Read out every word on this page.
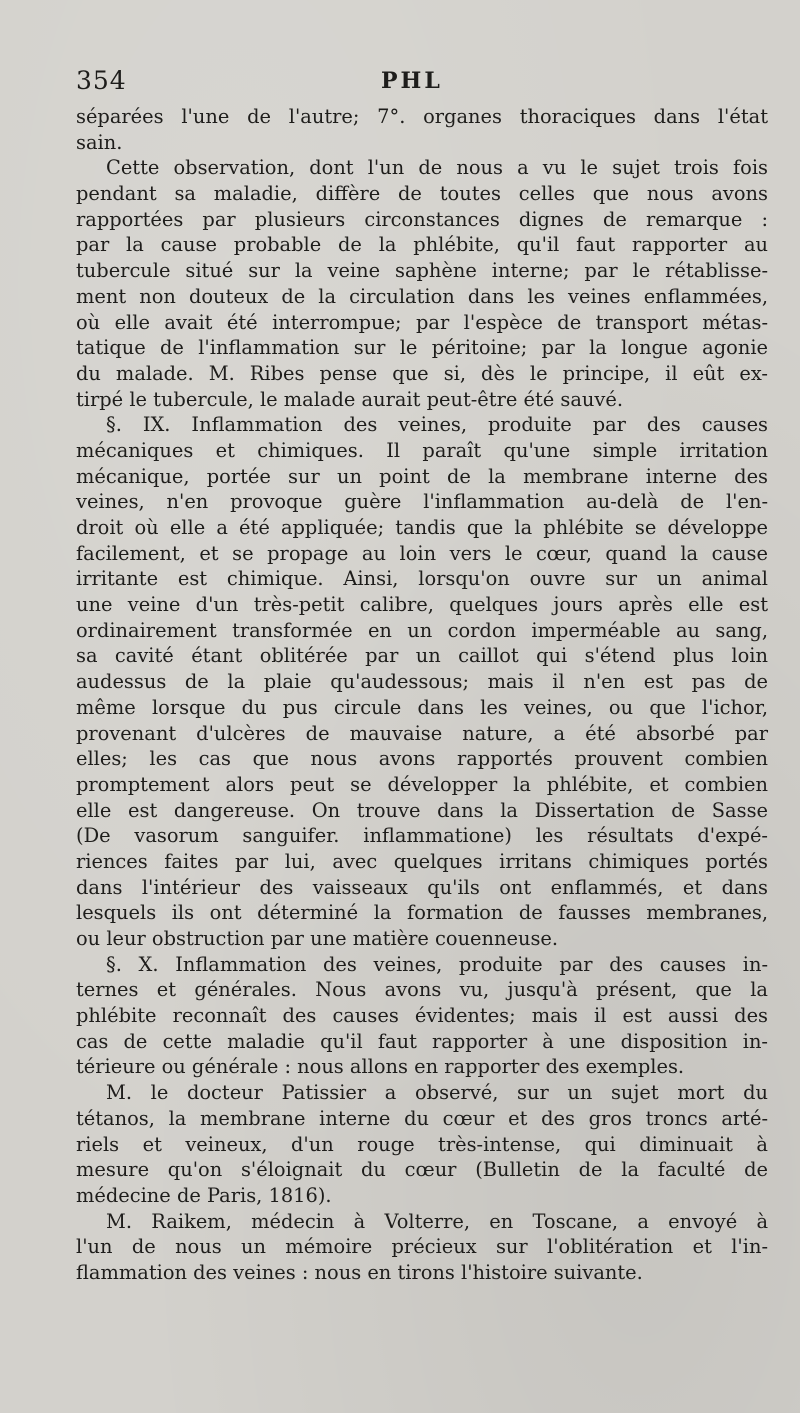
354	PHL
séparées l'une de l'autre; 7°. organes thoraciques dans l'état
sain.
Cette observation, dont l'un de nous a vu le sujet trois fois
pendant sa maladie, diffère de toutes celles que nous avons
rapportées par plusieurs circonstances dignes de remarque :
par la cause probable de la phlébite, qu'il faut rapporter au
tubercule situé sur la veine saphène interne; par le rétablisse-
ment non douteux de la circulation dans les veines enflammées,
où elle avait été interrompue; par l'espèce de transport métas-
tatique de l'inflammation sur le péritoine; par la longue agonie
du malade. M. Ribes pense que si, dès le principe, il eût ex-
tirpé le tubercule, le malade aurait peut-être été sauvé.
§. IX. Inflammation des veines, produite par des causes
mécaniques et chimiques. Il paraît qu'une simple irritation
mécanique, portée sur un point de la membrane interne des
veines, n'en provoque guère l'inflammation au-delà de l'en-
droit où elle a été appliquée; tandis que la phlébite se développe
facilement, et se propage au loin vers le cœur, quand la cause
irritante est chimique. Ainsi, lorsqu'on ouvre sur un animal
une veine d'un très-petit calibre, quelques jours après elle est
ordinairement transformée en un cordon imperméable au sang,
sa cavité étant oblitérée par un caillot qui s'étend plus loin
audessus de la plaie qu'audessous; mais il n'en est pas de
même lorsque du pus circule dans les veines, ou que l'ichor,
provenant d'ulcères de mauvaise nature, a été absorbé par
elles; les cas que nous avons rapportés prouvent combien
promptement alors peut se développer la phlébite, et combien
elle est dangereuse. On trouve dans la Dissertation de Sasse
(De vasorum sanguifer. inflammatione) les résultats d'expé-
riences faites par lui, avec quelques irritans chimiques portés
dans l'intérieur des vaisseaux qu'ils ont enflammés, et dans
lesquels ils ont déterminé la formation de fausses membranes,
ou leur obstruction par une matière couenneuse.
§. X. Inflammation des veines, produite par des causes in-
ternes et générales. Nous avons vu, jusqu'à présent, que la
phlébite reconnaît des causes évidentes; mais il est aussi des
cas de cette maladie qu'il faut rapporter à une disposition in-
térieure ou générale : nous allons en rapporter des exemples.
M. le docteur Patissier a observé, sur un sujet mort du
tétanos, la membrane interne du cœur et des gros troncs arté-
riels et veineux, d'un rouge très-intense, qui diminuait à
mesure qu'on s'éloignait du cœur (Bulletin de la faculté de
médecine de Paris, 1816).
M. Raikem, médecin à Volterre, en Toscane, a envoyé à
l'un de nous un mémoire précieux sur l'oblitération et l'in-
flammation des veines : nous en tirons l'histoire suivante.
